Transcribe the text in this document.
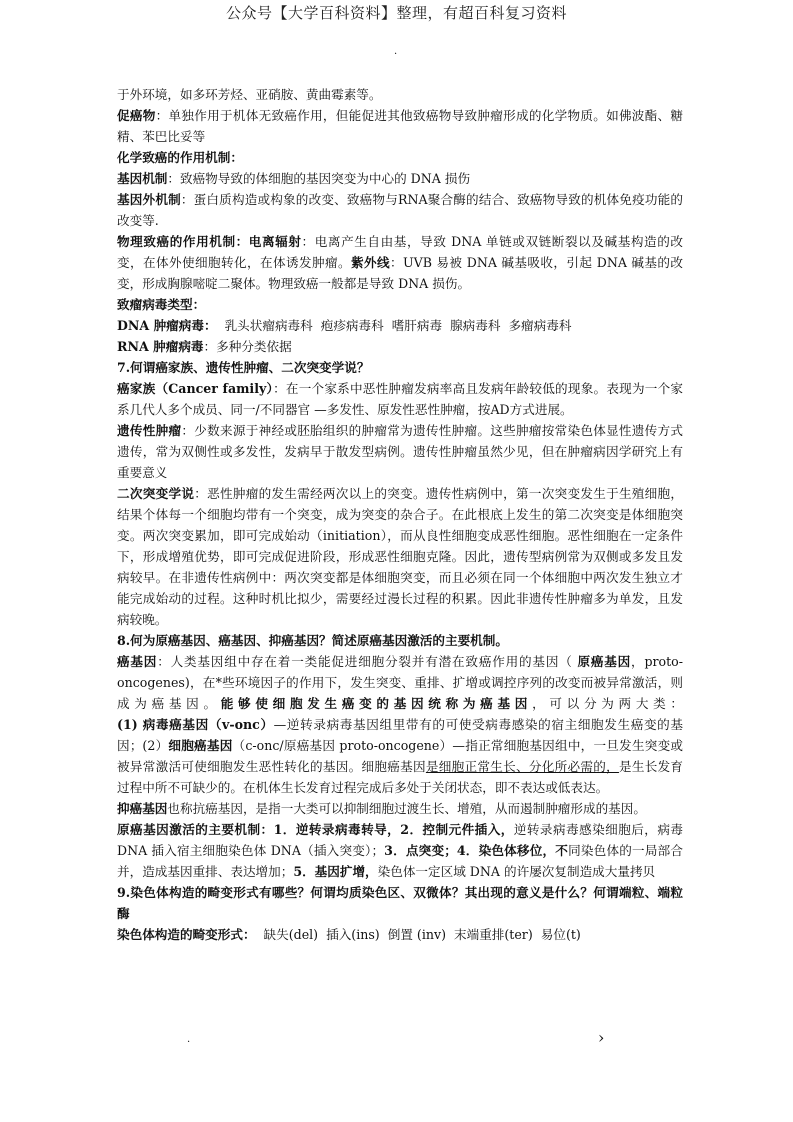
公众号【大学百科资料】整理，有超百科复习资料
.

于外环境，如多环芳烃、亚硝胺、黄曲霉素等。

促癌物：单独作用于机体无致癌作用，但能促进其他致癌物导致肿瘤形成的化学物质。如佛波酯、糖精、苯巴比妥等

化学致癌的作用机制：

基因机制：致癌物导致的体细胞的基因突变为中心的 DNA 损伤

基因外机制：蛋白质构造或构象的改变、致癌物与RNA聚合酶的结合、致癌物导致的机体免疫功能的改变等.

物理致癌的作用机制：电离辐射：电离产生自由基，导致 DNA 单链或双链断裂以及碱基构造的改变，在体外使细胞转化，在体诱发肿瘤。紫外线：UVB 易被 DNA 碱基吸收，引起 DNA 碱基的改变，形成胸腺嘧啶二聚体。物理致癌一般都是导致 DNA 损伤。

致瘤病毒类型：

DNA 肿瘤病毒： 乳头状瘤病毒科 疱疹病毒科 嗜肝病毒 腺病毒科 多瘤病毒科

RNA 肿瘤病毒：多种分类依据

7.何谓癌家族、遗传性肿瘤、二次突变学说？

癌家族（Cancer family）：在一个家系中恶性肿瘤发病率高且发病年龄较低的现象。表现为一个家系几代人多个成员、同一/不同器官 —多发性、原发性恶性肿瘤，按AD方式进展。

遗传性肿瘤：少数来源于神经或胚胎组织的肿瘤常为遗传性肿瘤。这些肿瘤按常染色体显性遗传方式遗传，常为双侧性或多发性，发病早于散发型病例。遗传性肿瘤虽然少见，但在肿瘤病因学研究上有重要意义

二次突变学说：恶性肿瘤的发生需经两次以上的突变。遗传性病例中，第一次突变发生于生殖细胞，结果个体每一个细胞均带有一个突变，成为突变的杂合子。在此根底上发生的第二次突变是体细胞突变。两次突变累加，即可完成始动（initiation），而从良性细胞变成恶性细胞。恶性细胞在一定条件下，形成增殖优势，即可完成促进阶段，形成恶性细胞克隆。因此，遗传型病例常为双侧或多发且发病较早。在非遗传性病例中：两次突变都是体细胞突变，而且必须在同一个体细胞中两次发生独立才能完成始动的过程。这种时机比拟少，需要经过漫长过程的积累。因此非遗传性肿瘤多为单发，且发病较晚。

8.何为原癌基因、癌基因、抑癌基因？简述原癌基因激活的主要机制。

癌基因：人类基因组中存在着一类能促进细胞分裂并有潜在致癌作用的基因（ 原癌基因，proto-oncogenes)，在*些环境因子的作用下，发生突变、重排、扩增或调控序列的改变而被异常激活，则成为癌基因。能够使细胞发生癌变的基因统称为癌基因，可以分为两大类：(1) 病毒癌基因（v-onc）—逆转录病毒基因组里带有的可使受病毒感染的宿主细胞发生癌变的基因；(2）细胞癌基因（c-onc/原癌基因 proto-oncogene）—指正常细胞基因组中，一旦发生突变或被异常激活可使细胞发生恶性转化的基因。细胞癌基因是细胞正常生长、分化所必需的，是生长发育过程中所不可缺少的。在机体生长发育过程完成后多处于关闭状态，即不表达或低表达。

抑癌基因也称抗癌基因，是指一大类可以抑制细胞过渡生长、增殖，从而遏制肿瘤形成的基因。

原癌基因激活的主要机制：1．逆转录病毒转导，2．控制元件插入，逆转录病毒感染细胞后，病毒 DNA 插入宿主细胞染色体 DNA（插入突变）；3．点突变；4．染色体移位，不同染色体的一局部合并，造成基因重排、表达增加；5．基因扩增，染色体一定区域 DNA 的许屡次复制造成大量拷贝

9.染色体构造的畸变形式有哪些？何谓均质染色区、双微体？其出现的意义是什么？何谓端粒、端粒酶

染色体构造的畸变形式： 缺失(del) 插入(ins) 倒置 (inv) 末端重排(ter) 易位(t)

.	›
